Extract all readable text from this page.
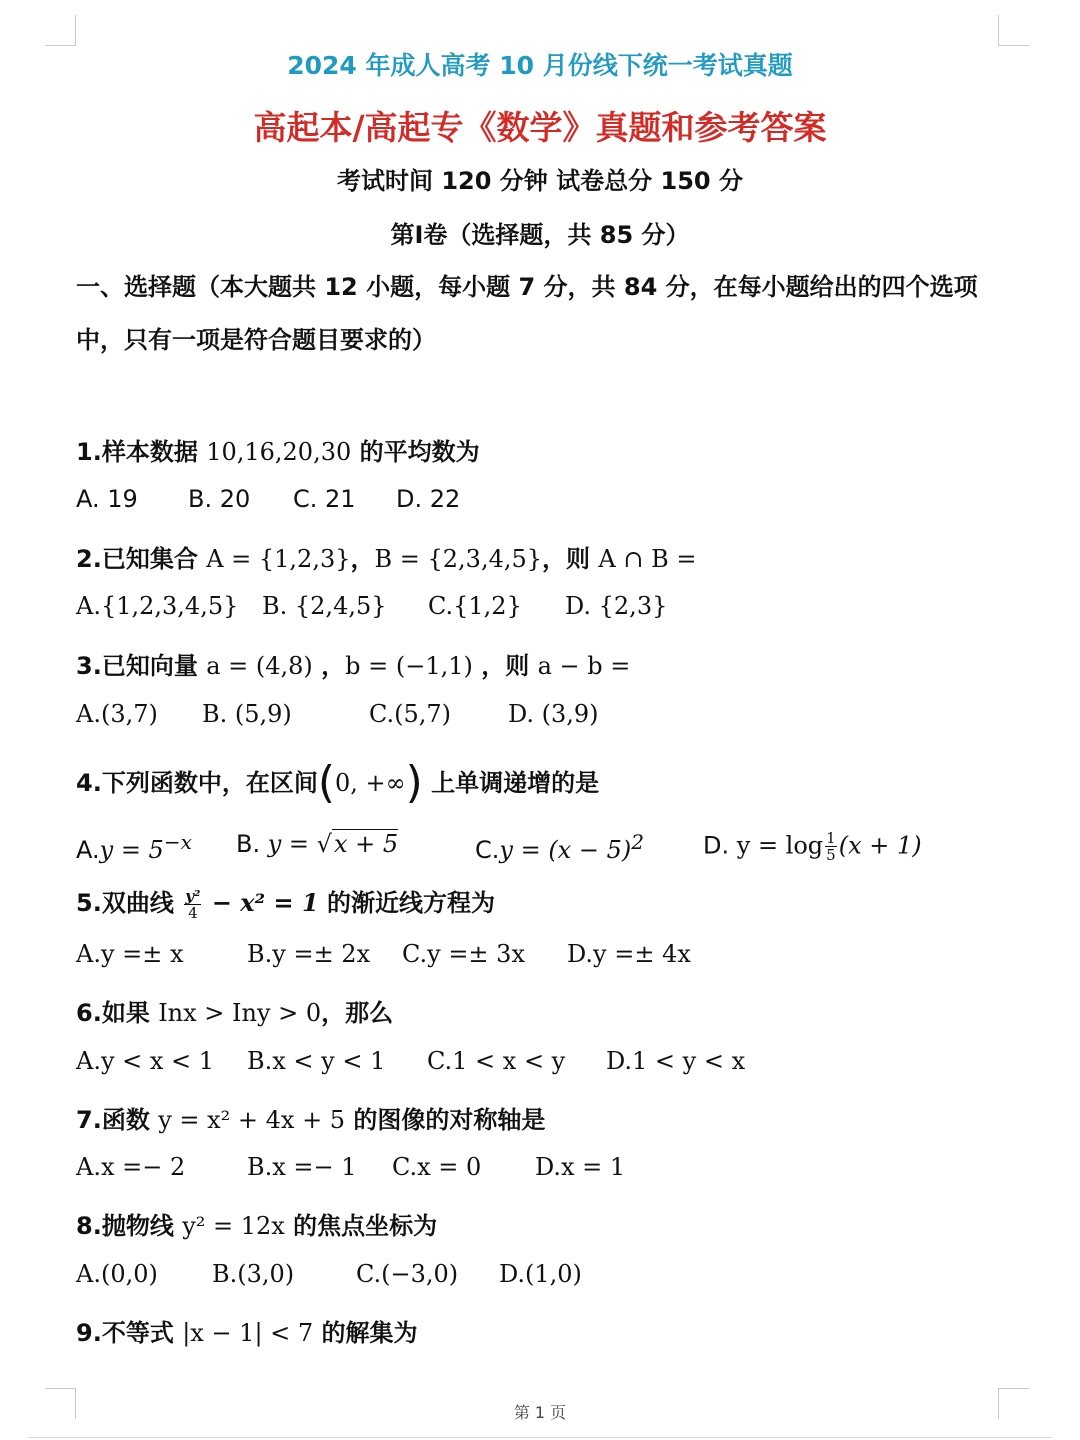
2024 年成人高考 10 月份线下统一考试真题
高起本/高起专《数学》真题和参考答案
考试时间 120 分钟 试卷总分 150 分
第Ⅰ卷（选择题，共 85 分）
一、选择题（本大题共 12 小题，每小题 7 分，共 84 分，在每小题给出的四个选项中，只有一项是符合题目要求的）
1.样本数据 10,16,20,30 的平均数为
A. 19 B. 20 C. 21 D. 22
2.已知集合 A = {1,2,3}，B = {2,3,4,5}，则 A ∩ B =
A.{1,2,3,4,5} B. {2,4,5} C.{1,2} D. {2,3}
3.已知向量 a = (4,8) ，b = (−1,1) ，则 a − b =
A.(3,7) B. (5,9)	C.(5,7) D. (3,9)
4.下列函数中，在区间(0, +∞) 上单调递增的是
$A.y = 5^{-x}$ B. y = √x + 5	$C.y = (x - 5)^2$ D. $y = \log \frac{1}{5} (x + 1)$
5.双曲线 $\frac{\text{y²}}{4} - x^2 = 1$ 的渐近线方程为
A.y =± x	B.y =± 2x C.y =± 3x D.y =± 4x
6.如果 Inx > Iny > 0，那么
A.y < x < 1 B.x < y < 1 C.1 < x < y D.1 < y < x
7.函数 y = x² + 4x + 5 的图像的对称轴是
A.x =− 2	B.x =− 1 C.x = 0 D.x = 1
8.抛物线 y² = 12x 的焦点坐标为
A.(0,0) B.(3,0)	C.(−3,0) D.(1,0)
9.不等式 |x − 1| < 7 的解集为
第 1 页
